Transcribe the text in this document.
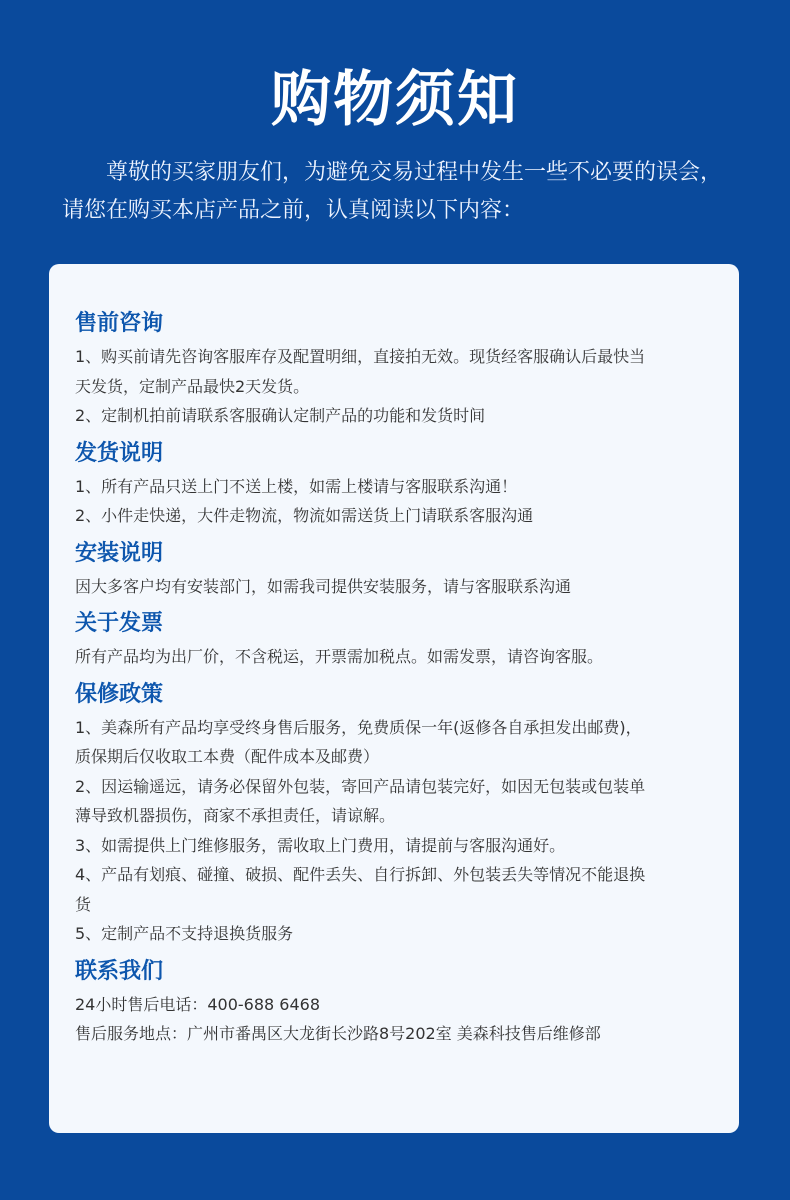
购物须知

尊敬的买家朋友们，为避免交易过程中发生一些不必要的误会，请您在购买本店产品之前，认真阅读以下内容：

售前咨询
1、购买前请先咨询客服库存及配置明细，直接拍无效。现货经客服确认后最快当
天发货，定制产品最快2天发货。
2、定制机拍前请联系客服确认定制产品的功能和发货时间
发货说明
1、所有产品只送上门不送上楼，如需上楼请与客服联系沟通！
2、小件走快递，大件走物流，物流如需送货上门请联系客服沟通
安装说明
因大多客户均有安装部门，如需我司提供安装服务，请与客服联系沟通
关于发票
所有产品均为出厂价，不含税运，开票需加税点。如需发票，请咨询客服。
保修政策
1、美森所有产品均享受终身售后服务，免费质保一年(返修各自承担发出邮费)，
质保期后仅收取工本费（配件成本及邮费）
2、因运输遥远，请务必保留外包装，寄回产品请包装完好，如因无包装或包装单
薄导致机器损伤，商家不承担责任，请谅解。
3、如需提供上门维修服务，需收取上门费用，请提前与客服沟通好。
4、产品有划痕、碰撞、破损、配件丢失、自行拆卸、外包装丢失等情况不能退换
货
5、定制产品不支持退换货服务
联系我们
24小时售后电话：400-688 6468
售后服务地点：广州市番禺区大龙街长沙路8号202室 美森科技售后维修部
